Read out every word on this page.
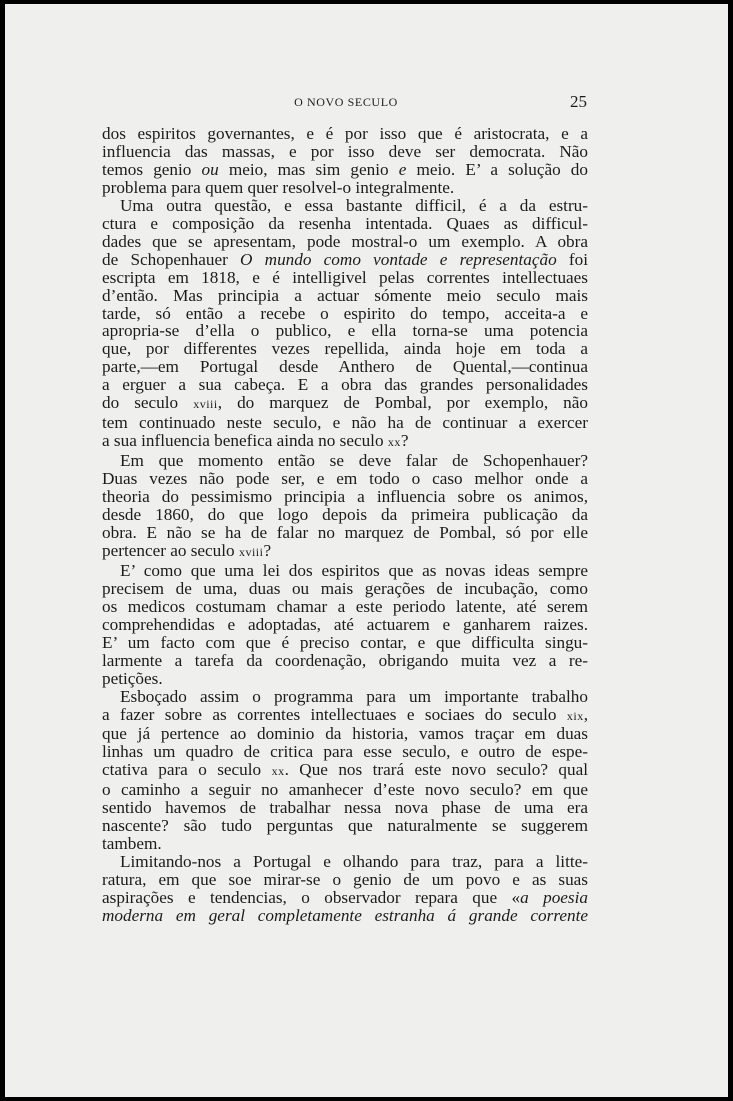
O NOVO SECULO	25
dos espiritos governantes, e é por isso que é aristocrata, e a
influencia das massas, e por isso deve ser democrata. Não
temos genio ou meio, mas sim genio e meio. E’ a solução do
problema para quem quer resolvel-o integralmente.
Uma outra questão, e essa bastante difficil, é a da estru-
ctura e composição da resenha intentada. Quaes as difficul-
dades que se apresentam, pode mostral-o um exemplo. A obra
de Schopenhauer O mundo como vontade e representação foi
escripta em 1818, e é intelligivel pelas correntes intellectuaes
d’então. Mas principia a actuar sómente meio seculo mais
tarde, só então a recebe o espirito do tempo, acceita-a e
apropria-se d’ella o publico, e ella torna-se uma potencia
que, por differentes vezes repellida, ainda hoje em toda a
parte,—em Portugal desde Anthero de Quental,—continua
a erguer a sua cabeça. E a obra das grandes personalidades
do seculo xviii, do marquez de Pombal, por exemplo, não
tem continuado neste seculo, e não ha de continuar a exercer
a sua influencia benefica ainda no seculo xx?
Em que momento então se deve falar de Schopenhauer?
Duas vezes não pode ser, e em todo o caso melhor onde a
theoria do pessimismo principia a influencia sobre os animos,
desde 1860, do que logo depois da primeira publicação da
obra. E não se ha de falar no marquez de Pombal, só por elle
pertencer ao seculo xviii?
E’ como que uma lei dos espiritos que as novas ideas sempre
precisem de uma, duas ou mais gerações de incubação, como
os medicos costumam chamar a este periodo latente, até serem
comprehendidas e adoptadas, até actuarem e ganharem raizes.
E’ um facto com que é preciso contar, e que difficulta singu-
larmente a tarefa da coordenação, obrigando muita vez a re-
petições.
Esboçado assim o programma para um importante trabalho
a fazer sobre as correntes intellectuaes e sociaes do seculo xix,
que já pertence ao dominio da historia, vamos traçar em duas
linhas um quadro de critica para esse seculo, e outro de espe-
ctativa para o seculo xx. Que nos trará este novo seculo? qual
o caminho a seguir no amanhecer d’este novo seculo? em que
sentido havemos de trabalhar nessa nova phase de uma era
nascente? são tudo perguntas que naturalmente se suggerem
tambem.
Limitando-nos a Portugal e olhando para traz, para a litte-
ratura, em que soe mirar-se o genio de um povo e as suas
aspirações e tendencias, o observador repara que «a poesia
moderna em geral completamente estranha á grande corrente
